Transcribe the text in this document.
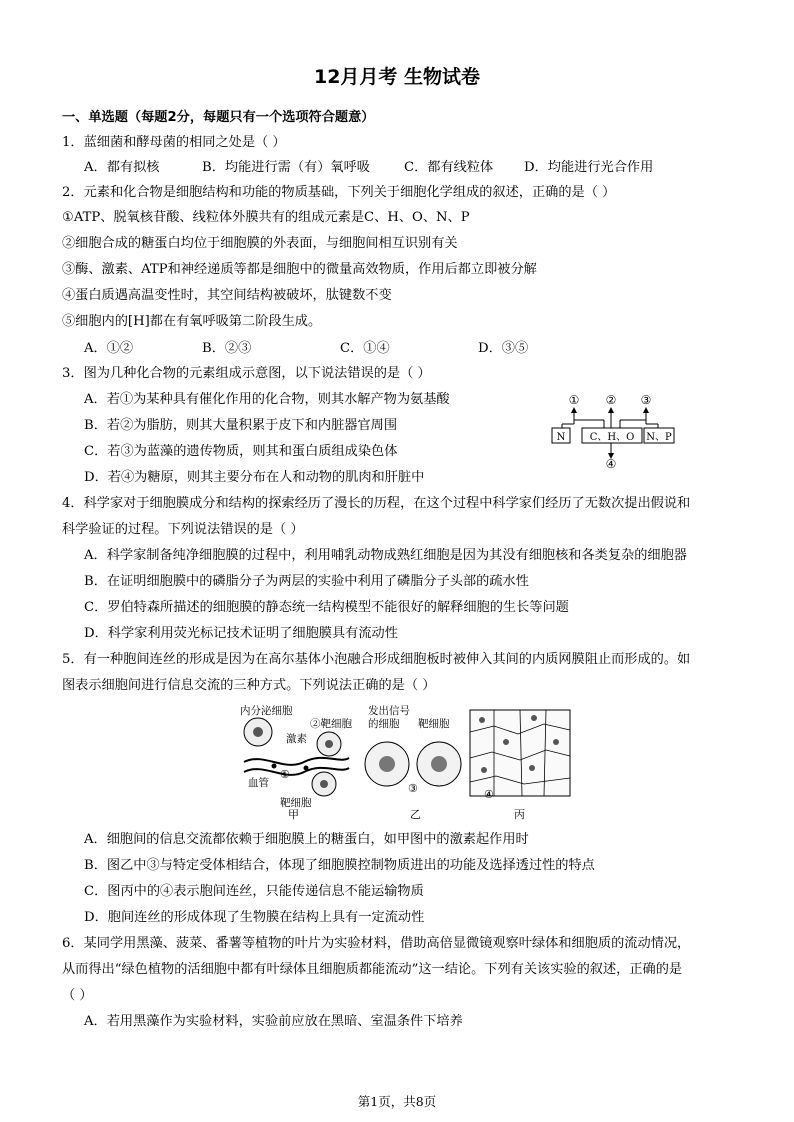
12月月考 生物试卷
一、单选题（每题2分，每题只有一个选项符合题意）
1．蓝细菌和酵母菌的相同之处是（ ）
A．都有拟核	B．均能进行需（有）氧呼吸	C．都有线粒体 D．均能进行光合作用
2．元素和化合物是细胞结构和功能的物质基础，下列关于细胞化学组成的叙述，正确的是（ ）
①ATP、脱氧核苷酸、线粒体外膜共有的组成元素是C、H、O、N、P
②细胞合成的糖蛋白均位于细胞膜的外表面，与细胞间相互识别有关
③酶、激素、ATP和神经递质等都是细胞中的微量高效物质，作用后都立即被分解
④蛋白质遇高温变性时，其空间结构被破坏，肽键数不变
⑤细胞内的[H]都在有氧呼吸第二阶段生成。
A．①②	B．②③	C．①④	D．③⑤
3．图为几种化合物的元素组成示意图，以下说法错误的是（ ）
A．若①为某种具有催化作用的化合物，则其水解产物为氨基酸
B．若②为脂肪，则其大量积累于皮下和内脏器官周围
C．若③为蓝藻的遗传物质，则其和蛋白质组成染色体
D．若④为糖原，则其主要分布在人和动物的肌肉和肝脏中
① ② ③
N C、H、O N、P
④
4．科学家对于细胞膜成分和结构的探索经历了漫长的历程，在这个过程中科学家们经历了无数次提出假说和
科学验证的过程。下列说法错误的是（ ）
A．科学家制备纯净细胞膜的过程中，利用哺乳动物成熟红细胞是因为其没有细胞核和各类复杂的细胞器
B．在证明细胞膜中的磷脂分子为两层的实验中利用了磷脂分子头部的疏水性
C．罗伯特森所描述的细胞膜的静态统一结构模型不能很好的解释细胞的生长等问题
D．科学家利用荧光标记技术证明了细胞膜具有流动性
5．有一种胞间连丝的形成是因为在高尔基体小泡融合形成细胞板时被伸入其间的内质网膜阻止而形成的。如
图表示细胞间进行信息交流的三种方式。下列说法正确的是（ ）
内分泌细胞
②靶细胞
激素
①
血管
靶细胞
甲
发出信号
的细胞 靶细胞
③
乙
④
丙
A．细胞间的信息交流都依赖于细胞膜上的糖蛋白，如甲图中的激素起作用时
B．图乙中③与特定受体相结合，体现了细胞膜控制物质进出的功能及选择透过性的特点
C．图丙中的④表示胞间连丝，只能传递信息不能运输物质
D．胞间连丝的形成体现了生物膜在结构上具有一定流动性
6．某同学用黑藻、菠菜、番薯等植物的叶片为实验材料，借助高倍显微镜观察叶绿体和细胞质的流动情况，
从而得出“绿色植物的活细胞中都有叶绿体且细胞质都能流动”这一结论。下列有关该实验的叙述，正确的是
（ ）
A．若用黑藻作为实验材料，实验前应放在黑暗、室温条件下培养
第1页，共8页
